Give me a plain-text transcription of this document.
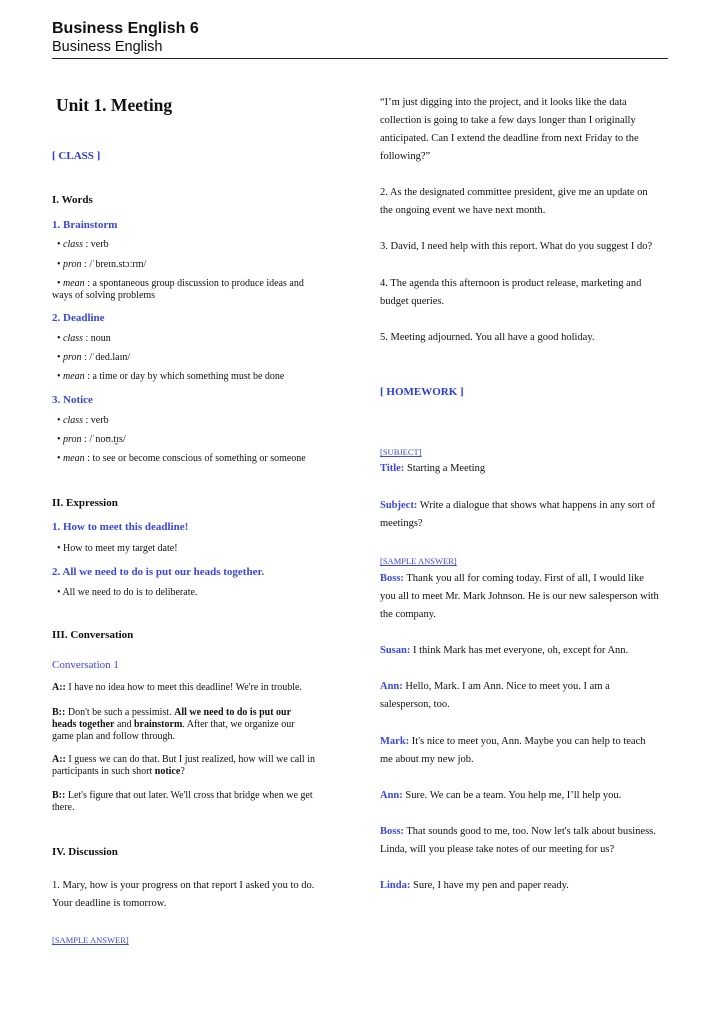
Business English 6
Business English
Unit 1. Meeting
[ CLASS ]
I. Words
1. Brainstorm
• class : verb
• pron : /ˈbreɪn.stɔːrm/
• mean : a spontaneous group discussion to produce ideas and
ways of solving problems
2. Deadline
• class : noun
• pron : /ˈded.laɪn/
• mean : a time or day by which something must be done
3. Notice
• class : verb
• pron : /ˈnoʊ.t̬ɪs/
• mean : to see or become conscious of something or someone
II. Expression
1. How to meet this deadline!
• How to meet my target date!
2. All we need to do is put our heads together.
• All we need to do is to deliberate.
III. Conversation
Conversation 1
A:: I have no idea how to meet this deadline! We're in trouble.
B:: Don't be such a pessimist. All we need to do is put our
heads together and brainstorm. After that, we organize our
game plan and follow through.
A:: I guess we can do that. But I just realized, how will we call in
participants in such short notice?
B:: Let's figure that out later. We'll cross that bridge when we get
there.
IV. Discussion
1. Mary, how is your progress on that report I asked you to do.
Your deadline is tomorrow.
[SAMPLE ANSWER]
“I’m just digging into the project, and it looks like the data
collection is going to take a few days longer than I originally
anticipated. Can I extend the deadline from next Friday to the
following?”
2. As the designated committee president, give me an update on
the ongoing event we have next month.
3. David, I need help with this report. What do you suggest I do?
4. The agenda this afternoon is product release, marketing and
budget queries.
5. Meeting adjourned. You all have a good holiday.
[ HOMEWORK ]
[SUBJECT]
Title: Starting a Meeting
Subject: Write a dialogue that shows what happens in any sort of
meetings?
[SAMPLE ANSWER]
Boss: Thank you all for coming today. First of all, I would like
you all to meet Mr. Mark Johnson. He is our new salesperson with
the company.
Susan: I think Mark has met everyone, oh, except for Ann.
Ann: Hello, Mark. I am Ann. Nice to meet you. I am a
salesperson, too.
Mark: It's nice to meet you, Ann. Maybe you can help to teach
me about my new job.
Ann: Sure. We can be a team. You help me, I’ll help you.
Boss: That sounds good to me, too. Now let's talk about business.
Linda, will you please take notes of our meeting for us?
Linda: Sure, I have my pen and paper ready.
